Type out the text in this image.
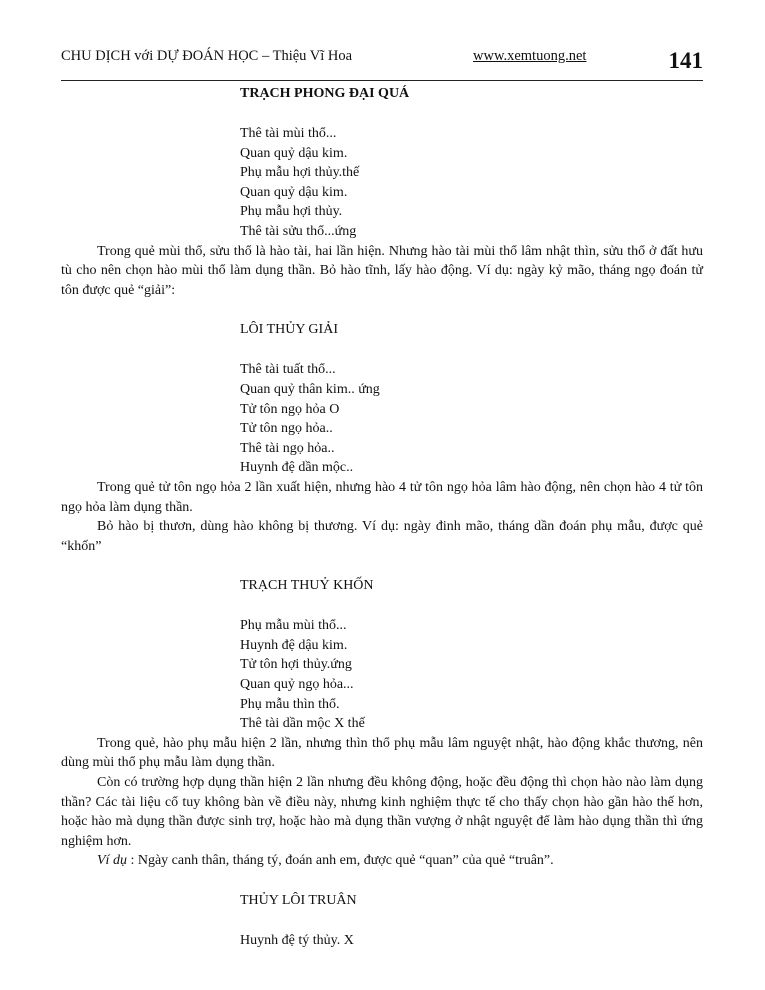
CHU DỊCH với DỰ ĐOÁN HỌC – Thiệu Vĩ Hoa	www.xemtuong.net	141

TRẠCH PHONG ĐẠI QUÁ

Thê tài mùi thổ...
Quan quỷ dậu kim.
Phụ mẫu hợi thủy.thế
Quan quỷ dậu kim.
Phụ mẫu hợi thủy.
Thê tài sửu thổ...ứng

Trong quẻ mùi thổ, sửu thổ là hào tài, hai lần hiện. Nhưng hào tài mùi thổ lâm nhật thìn, sửu thổ ở đất hưu tù cho nên chọn hào mùi thổ làm dụng thần. Bỏ hào tĩnh, lấy hào động. Ví dụ: ngày kỷ mão, tháng ngọ đoán tử tôn được quẻ “giải”:

LÔI THỦY GIẢI

Thê tài tuất thổ...
Quan quỷ thân kim.. ứng
Tử tôn ngọ hỏa O
Tử tôn ngọ hỏa..
Thê tài ngọ hỏa..
Huynh đệ dần mộc..

Trong quẻ tử tôn ngọ hỏa 2 lần xuất hiện, nhưng hào 4 tử tôn ngọ hỏa lâm hào động, nên chọn hào 4 tử tôn ngọ hỏa làm dụng thần.

Bỏ hào bị thươn, dùng hào không bị thương. Ví dụ: ngày đinh mão, tháng dần đoán phụ mẫu, được quẻ “khốn”

TRẠCH THUỶ KHỐN

Phụ mẫu mùi thổ...
Huynh đệ dậu kim.
Tử tôn hợi thủy.ứng
Quan quỷ ngọ hỏa...
Phụ mẫu thìn thổ.
Thê tài dần mộc X thế

Trong quẻ, hào phụ mẫu hiện 2 lần, nhưng thìn thổ phụ mẫu lâm nguyệt nhật, hào động khắc thương, nên dùng mùi thổ phụ mẫu làm dụng thần.

Còn có trường hợp dụng thần hiện 2 lần nhưng đều không động, hoặc đều động thì chọn hào nào làm dụng thần? Các tài liệu cổ tuy không bàn về điều này, nhưng kinh nghiệm thực tế cho thấy chọn hào gần hào thế hơn, hoặc hào mà dụng thần được sinh trợ, hoặc hào mà dụng thần vượng ở nhật nguyệt để làm hào dụng thần thì ứng nghiệm hơn.

Ví dụ : Ngày canh thân, tháng tý, đoán anh em, được quẻ “quan” của quẻ “truân”.

THỦY LÔI TRUÂN

Huynh đệ tý thủy. X
